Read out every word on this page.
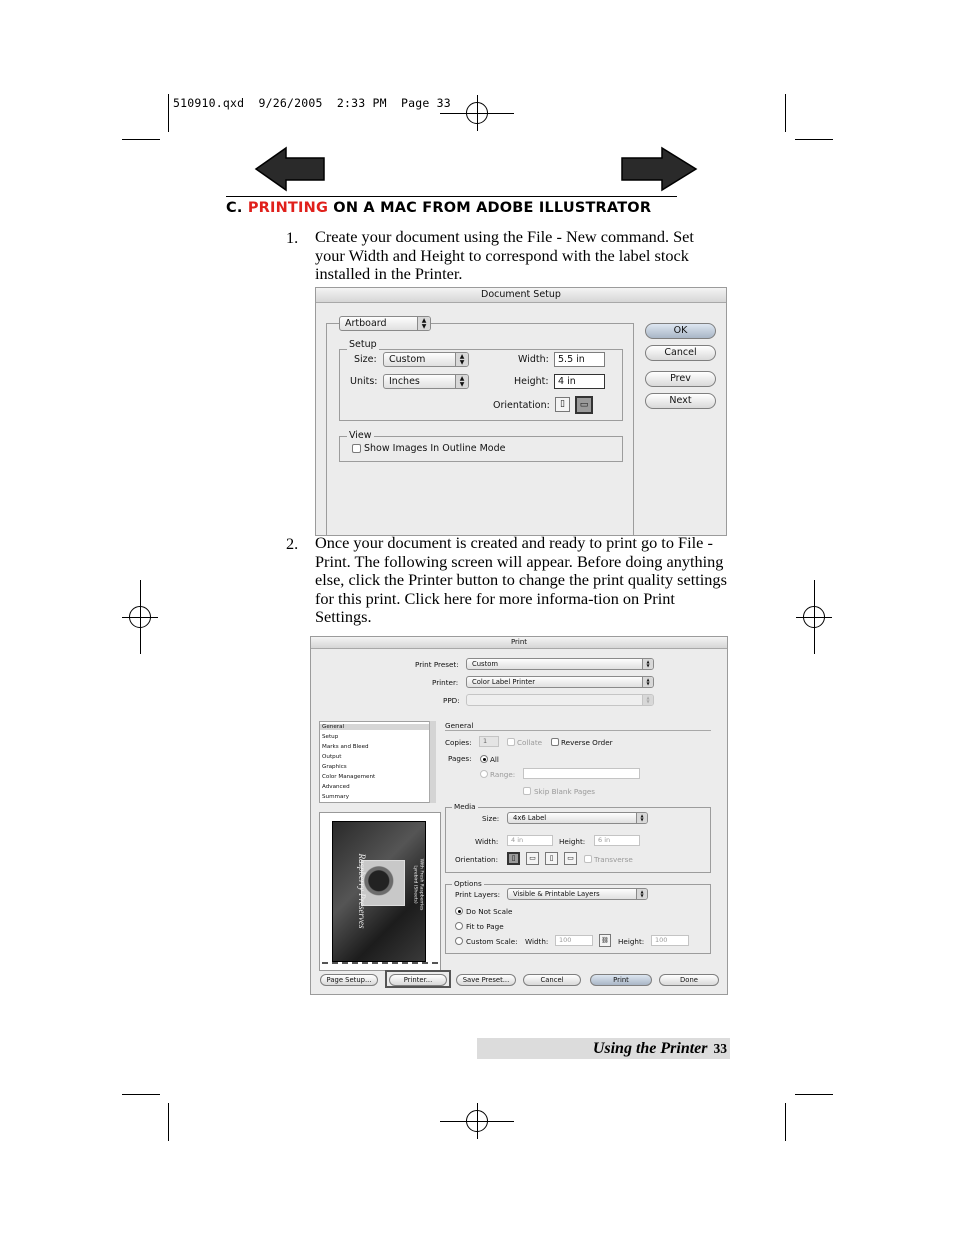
510910.qxd  9/26/2005  2:33 PM  Page 33
C. PRINTING ON A MAC FROM ADOBE ILLUSTRATOR
1. Create your document using the File - New command. Set your Width and Height to correspond with the label stock installed in the Printer.
Document Setup
Artboard	▲
▼
Setup
Size:	Custom	▲
▼
Units:	Inches	▲
▼
Width: 5.5 in
Height: 4 in
Orientation:	▯	▭
View
Show Images In Outline Mode
OK
Cancel
Prev
Next
2. Once your document is created and ready to print go to File - Print. The following screen will appear. Before doing anything else, click the Printer button to change the print quality settings for this print. Click here for more informa-tion on Print Settings.
Print
Print Preset:	Custom	▲
▼
Printer:	Color Label Printer	▲
▼
PPD:	▲
▼
General
Setup
Marks and Bleed
Output
Graphics
Color Management
Advanced
Summary
General
Copies:	1	Collate	Reverse Order
Pages:	All
Range:
Skip Blank Pages
Media
Size:	4x6 Label	▲
▼
Width:	4 in	Height:	6 in
Orientation:	▯	▭	▯	▭	Transverse
Options
Print Layers:	Visible & Printable Layers	▲
▼
Do Not Scale
Fit to Page
Custom Scale: Width:	100	⛓	Height:	100
Raspberry Preserves	Lyrebird (Sheets) With Fresh Raspberries
Page Setup...	Printer...	Save Preset...	Cancel	Print	Done
Using the Printer 33
